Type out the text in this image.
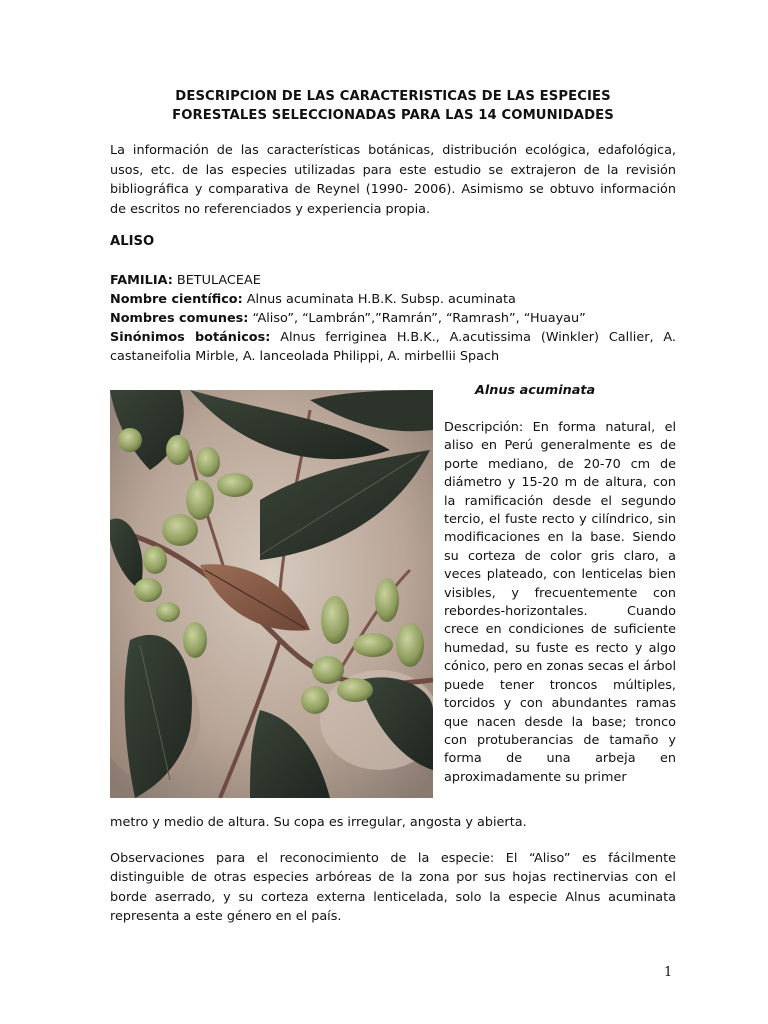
DESCRIPCION DE LAS CARACTERISTICAS DE LAS ESPECIES
FORESTALES SELECCIONADAS PARA LAS 14 COMUNIDADES
La información de las características botánicas, distribución ecológica, edafológica, usos, etc. de las especies utilizadas para este estudio se extrajeron de la revisión bibliográfica y comparativa de Reynel (1990- 2006). Asimismo se obtuvo información de escritos no referenciados y experiencia propia.
ALISO
FAMILIA: BETULACEAE
Nombre científico: Alnus acuminata H.B.K. Subsp. acuminata
Nombres comunes: “Aliso”, “Lambrán”,”Ramrán”, “Ramrash”, “Huayau”
Sinónimos botánicos: Alnus ferriginea H.B.K., A.acutissima (Winkler) Callier, A. castaneifolia Mirble, A. lanceolada Philippi, A. mirbellii Spach
Alnus acuminata
Descripción: En forma natural, el aliso en Perú generalmente es de porte mediano, de 20-70 cm de diámetro y 15-20 m de altura, con la ramificación desde el segundo tercio, el fuste recto y cilíndrico, sin modificaciones en la base. Siendo su corteza de color gris claro, a veces plateado, con lenticelas bien visibles, y frecuentemente con rebordes-horizontales. Cuando crece en condiciones de suficiente humedad, su fuste es recto y algo cónico, pero en zonas secas el árbol puede tener troncos múltiples, torcidos y con abundantes ramas que nacen desde la base; tronco con protuberancias de tamaño y forma de una arbeja en aproximadamente su primer
metro y medio de altura. Su copa es irregular, angosta y abierta.
Observaciones para el reconocimiento de la especie: El “Aliso” es fácilmente distinguible de otras especies arbóreas de la zona por sus hojas rectinervias con el borde aserrado, y su corteza externa lenticelada, solo la especie Alnus acuminata representa a este género en el país.
1
